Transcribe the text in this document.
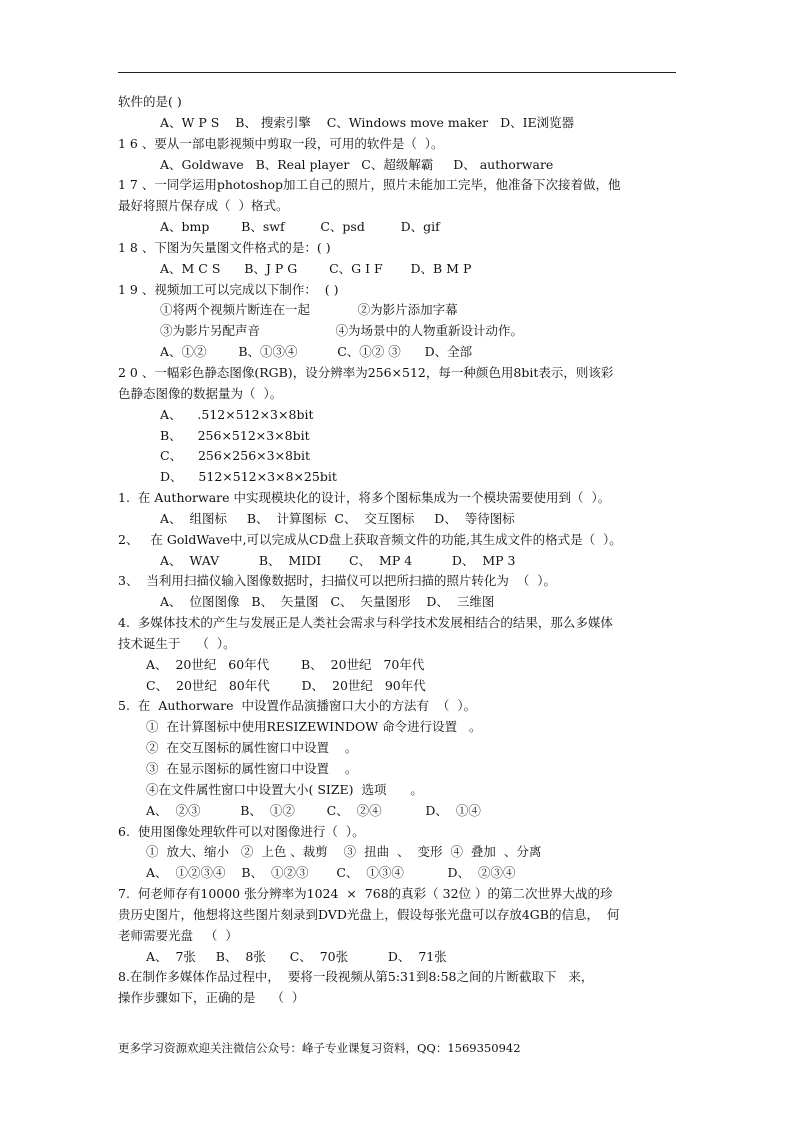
软件的是( )
A、W P S    B、 搜索引擎    C、Windows move maker   D、IE浏览器
1 6 、要从一部电影视频中剪取一段，可用的软件是（  ）。
A、Goldwave   B、Real player   C、超级解霸     D、 authorware
1 7 、一同学运用photoshop加工自己的照片，照片未能加工完毕，他准备下次接着做，他
最好将照片保存成（  ）格式。
A、bmp        B、swf         C、psd         D、gif
1 8 、下图为矢量图文件格式的是：( )
A、M C S      B、J P G        C、G I F       D、B M P
1 9 、视频加工可以完成以下制作：  ( )
①将两个视频片断连在一起            ②为影片添加字幕
③为影片另配声音                   ④为场景中的人物重新设计动作。
A、①②        B、①③④          C、①② ③      D、全部
2 0 、一幅彩色静态图像(RGB)，设分辨率为256×512，每一种颜色用8bit表示，则该彩
色静态图像的数据量为（  ）。
A、    .512×512×3×8bit
B、    256×512×3×8bit
C、    256×256×3×8bit
D、    512×512×3×8×25bit
1.  在 Authorware 中实现模块化的设计，将多个图标集成为一个模块需要使用到（  ）。
A、  组图标     B、  计算图标  C、  交互图标     D、  等待图标
2、   在 GoldWave中,可以完成从CD盘上获取音频文件的功能,其生成文件的格式是（  ）。
A、  WAV          B、  MIDI       C、  MP 4          D、  MP 3
3、  当利用扫描仪输入图像数据时，扫描仪可以把所扫描的照片转化为  （  ）。
A、  位图图像   B、  矢量图   C、  矢量图形    D、  三维图
4.  多媒体技术的产生与发展正是人类社会需求与科学技术发展相结合的结果，那么多媒体
技术诞生于    （  ）。
A、  20世纪   60年代        B、  20世纪   70年代
C、  20世纪   80年代        D、  20世纪   90年代
5.  在  Authorware  中设置作品演播窗口大小的方法有  （  ）。
①  在计算图标中使用RESIZEWINDOW 命令进行设置   。
②  在交互图标的属性窗口中设置    。
③  在显示图标的属性窗口中设置    。
④在文件属性窗口中设置大小( SIZE)  选项      。
A、  ②③          B、  ①②        C、  ②④           D、  ①④
6.  使用图像处理软件可以对图像进行（  ）。
①  放大、缩小   ②  上色 、裁剪    ③  扭曲  、  变形  ④  叠加  、分离
A、  ①②③④    B、  ①②③       C、  ①③④           D、  ②③④
7.  何老师存有10000 张分辨率为1024  ×  768的真彩（ 32位 ）的第二次世界大战的珍
贵历史图片，他想将这些图片刻录到DVD光盘上，假设每张光盘可以存放4GB的信息，  何
老师需要光盘   （  ）
A、  7张     B、  8张      C、  70张          D、  71张
8.在制作多媒体作品过程中，  要将一段视频从第5:31到8:58之间的片断截取下   来，
操作步骤如下，正确的是    （  ）
更多学习资源欢迎关注微信公众号：峰子专业课复习资料，QQ：1569350942
